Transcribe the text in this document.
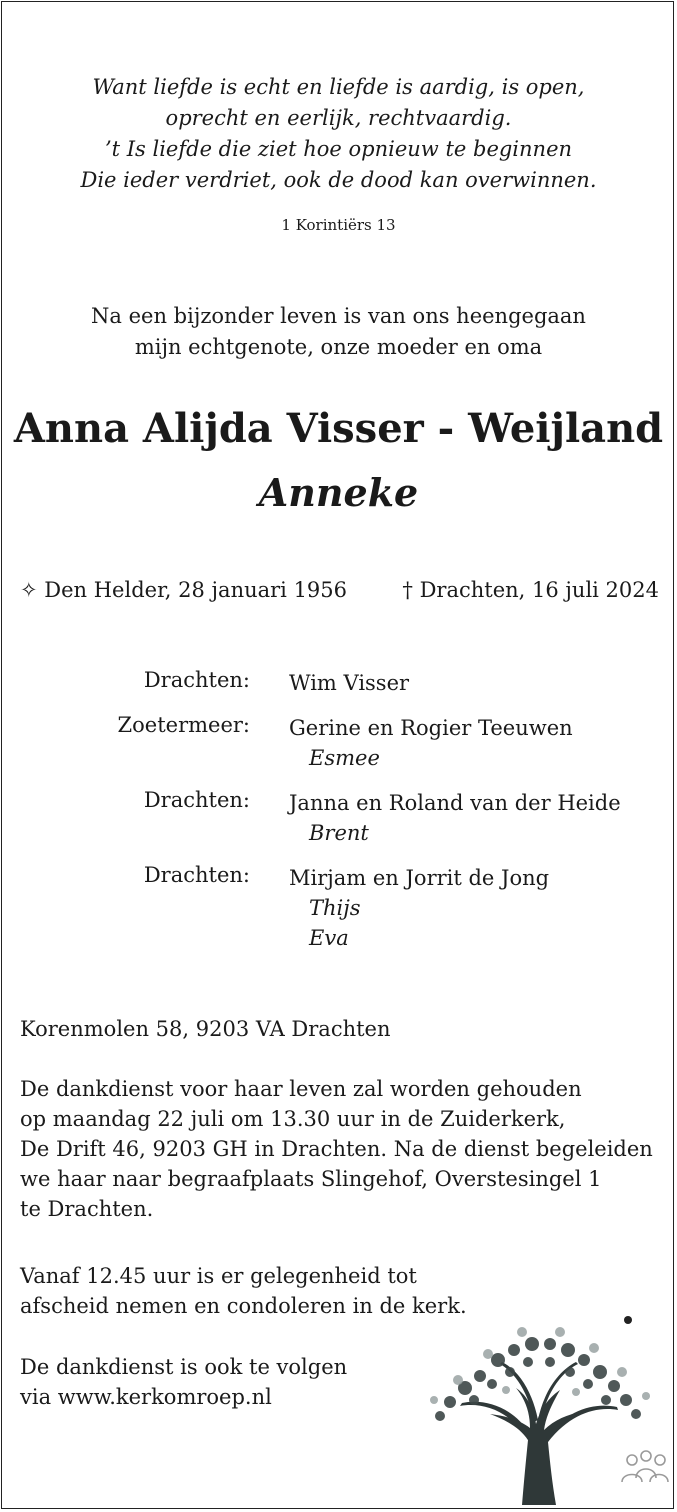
Want liefde is echt en liefde is aardig, is open,
oprecht en eerlijk, rechtvaardig.
’t Is liefde die ziet hoe opnieuw te beginnen
Die ieder verdriet, ook de dood kan overwinnen.
1 Korintiërs 13
Na een bijzonder leven is van ons heengegaan
mijn echtgenote, onze moeder en oma
Anna Alijda Visser - Weijland
Anneke
✧ Den Helder, 28 januari 1956	† Drachten, 16 juli 2024
Drachten: Wim Visser
Zoetermeer: Gerine en Rogier Teeuwen
Esmee
Drachten: Janna en Roland van der Heide
Brent
Drachten: Mirjam en Jorrit de Jong
Thijs
Eva
Korenmolen 58, 9203 VA Drachten
De dankdienst voor haar leven zal worden gehouden
op maandag 22 juli om 13.30 uur in de Zuiderkerk,
De Drift 46, 9203 GH in Drachten. Na de dienst begeleiden
we haar naar begraafplaats Slingehof, Overstesingel 1
te Drachten.
Vanaf 12.45 uur is er gelegenheid tot
afscheid nemen en condoleren in de kerk.
De dankdienst is ook te volgen
via www.kerkomroep.nl
